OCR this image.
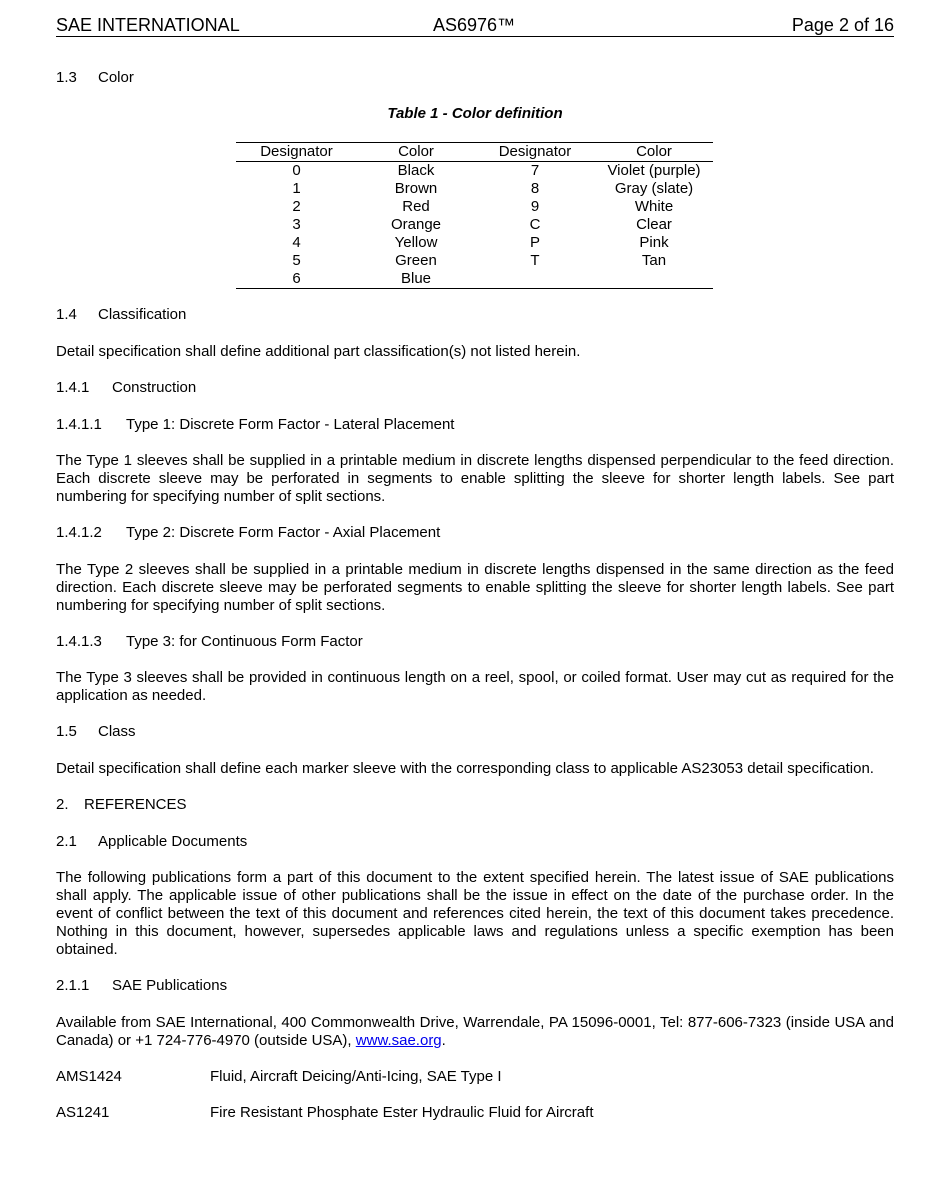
SAE INTERNATIONAL	AS6976™	Page 2 of 16
1.3 Color
Table 1 - Color definition
Designator	Color	Designator	Color
0	Black	7	Violet (purple)
1	Brown	8	Gray (slate)
2	Red	9	White
3	Orange	C	Clear
4	Yellow	P	Pink
5	Green	T	Tan
6	Blue		
1.4 Classification

Detail specification shall define additional part classification(s) not listed herein.

1.4.1 Construction
1.4.1.1 Type 1: Discrete Form Factor - Lateral Placement

The Type 1 sleeves shall be supplied in a printable medium in discrete lengths dispensed perpendicular to the feed direction. Each discrete sleeve may be perforated in segments to enable splitting the sleeve for shorter length labels. See part numbering for specifying number of split sections.

1.4.1.2 Type 2: Discrete Form Factor - Axial Placement

The Type 2 sleeves shall be supplied in a printable medium in discrete lengths dispensed in the same direction as the feed direction. Each discrete sleeve may be perforated segments to enable splitting the sleeve for shorter length labels. See part numbering for specifying number of split sections.

1.4.1.3 Type 3: for Continuous Form Factor

The Type 3 sleeves shall be provided in continuous length on a reel, spool, or coiled format. User may cut as required for the application as needed.

1.5 Class

Detail specification shall define each marker sleeve with the corresponding class to applicable AS23053 detail specification.

2. REFERENCES
2.1 Applicable Documents

The following publications form a part of this document to the extent specified herein. The latest issue of SAE publications shall apply. The applicable issue of other publications shall be the issue in effect on the date of the purchase order. In the event of conflict between the text of this document and references cited herein, the text of this document takes precedence. Nothing in this document, however, supersedes applicable laws and regulations unless a specific exemption has been obtained.

2.1.1 SAE Publications

Available from SAE International, 400 Commonwealth Drive, Warrendale, PA 15096-0001, Tel: 877-606-7323 (inside USA and Canada) or +1 724-776-4970 (outside USA), www.sae.org.

AMS1424	Fluid, Aircraft Deicing/Anti-Icing, SAE Type I
AS1241	Fire Resistant Phosphate Ester Hydraulic Fluid for Aircraft
